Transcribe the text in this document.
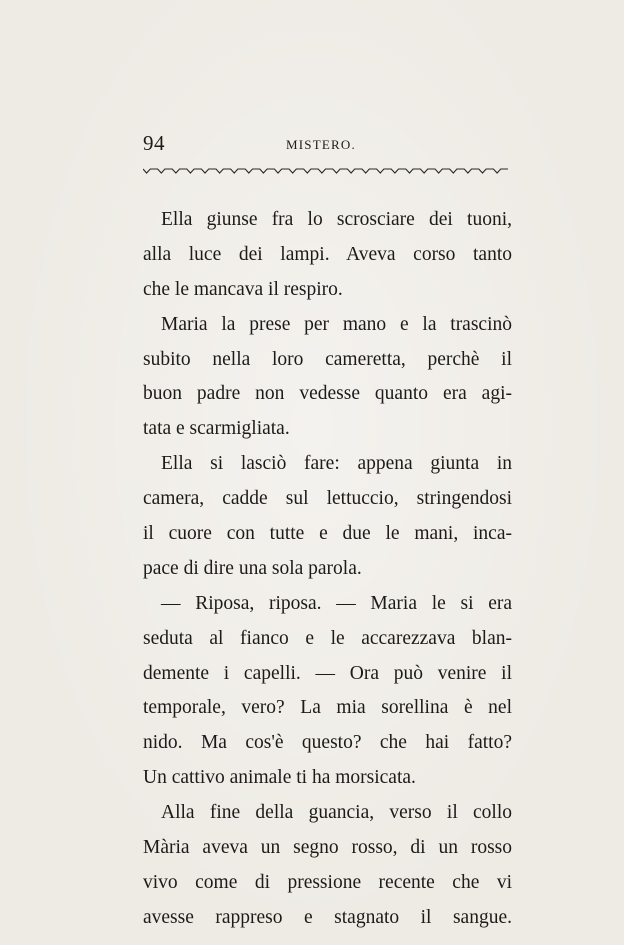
94	MISTERO.
Ella giunse fra lo scrosciare dei tuoni,
alla luce dei lampi. Aveva corso tanto
che le mancava il respiro.
Maria la prese per mano e la trascinò
subito nella loro cameretta, perchè il
buon padre non vedesse quanto era agi-
tata e scarmigliata.
Ella si lasciò fare: appena giunta in
camera, cadde sul lettuccio, stringendosi
il cuore con tutte e due le mani, inca-
pace di dire una sola parola.
— Riposa, riposa. — Maria le si era
seduta al fianco e le accarezzava blan-
demente i capelli. — Ora può venire il
temporale, vero? La mia sorellina è nel
nido. Ma cos'è questo? che hai fatto?
Un cattivo animale ti ha morsicata.
Alla fine della guancia, verso il collo
Mària aveva un segno rosso, di un rosso
vivo come di pressione recente che vi
avesse rappreso e stagnato il sangue.
